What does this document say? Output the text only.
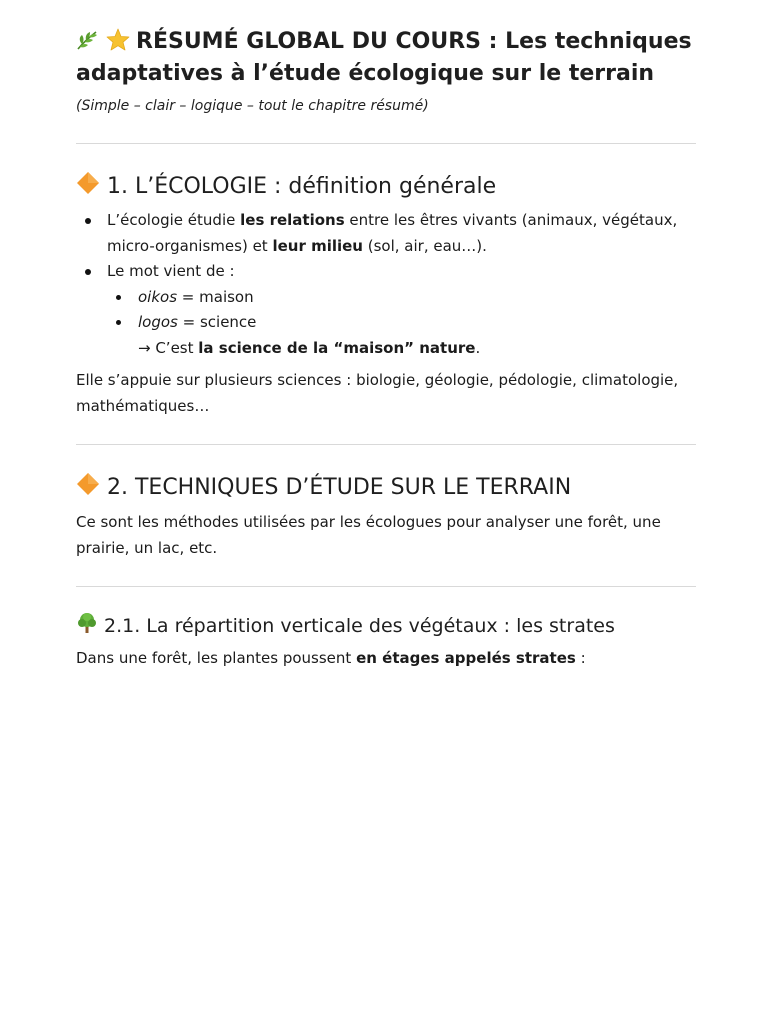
RÉSUMÉ GLOBAL DU COURS : Les techniques adaptatives à l’étude écologique sur le terrain

(Simple – clair – logique – tout le chapitre résumé)

1. L’ÉCOLOGIE : définition générale
L’écologie étudie les relations entre les êtres vivants (animaux, végétaux, micro-organismes) et leur milieu (sol, air, eau…).
Le mot vient de :
oikos = maison
logos = science
→ C’est la science de la “maison” nature.

Elle s’appuie sur plusieurs sciences : biologie, géologie, pédologie, climatologie, mathématiques…

2. TECHNIQUES D’ÉTUDE SUR LE TERRAIN

Ce sont les méthodes utilisées par les écologues pour analyser une forêt, une prairie, un lac, etc.

2.1. La répartition verticale des végétaux : les strates

Dans une forêt, les plantes poussent en étages appelés strates :
